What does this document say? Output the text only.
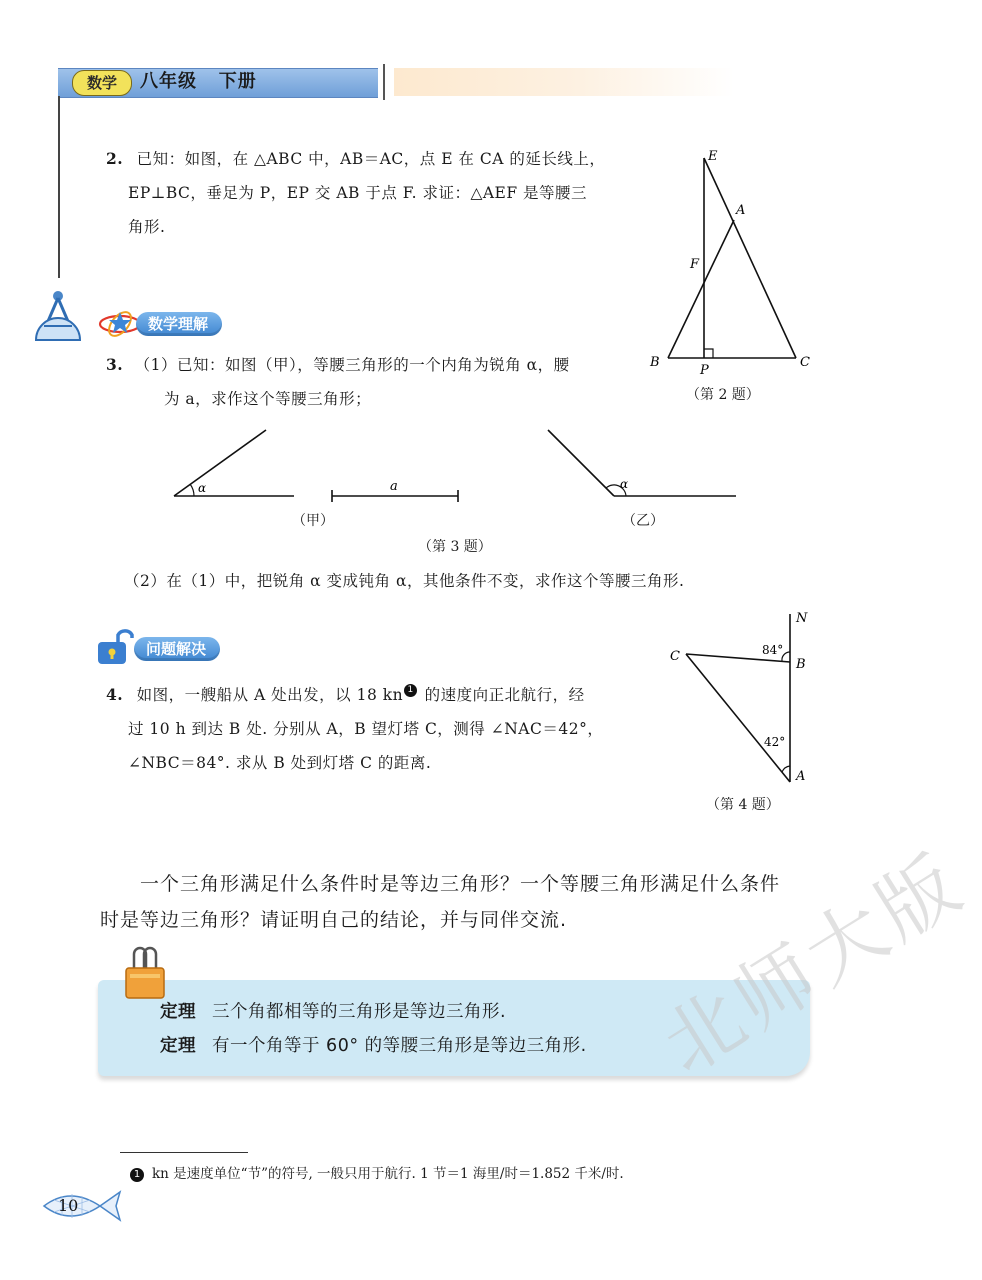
数学	八年级   下册
2. 已知：如图，在 △ABC 中，AB＝AC，点 E 在 CA 的延长线上，
EP⊥BC，垂足为 P，EP 交 AB 于点 F. 求证：△AEF 是等腰三
角形.
E
A
F
B
P
C
（第 2 题）
数学理解
3. （1）已知：如图（甲），等腰三角形的一个内角为锐角 α，腰
为 a，求作这个等腰三角形；
α	a	α
（甲）	（乙）
（第 3 题）
（2）在（1）中，把锐角 α 变成钝角 α，其他条件不变，求作这个等腰三角形.
问题解决
4. 如图，一艘船从 A 处出发，以 18 kn 1 的速度向正北航行，经
过 10 h 到达 B 处. 分别从 A，B 望灯塔 C，测得 ∠NAC＝42°，
∠NBC＝84°. 求从 B 处到灯塔 C 的距离.
N
C
B
A
84°
42°
（第 4 题）
一个三角形满足什么条件时是等边三角形？一个等腰三角形满足什么条件
时是等边三角形？请证明自己的结论，并与同伴交流.
定理 三个角都相等的三角形是等边三角形.
定理 有一个角等于 60° 的等腰三角形是等边三角形.
1 kn 是速度单位“节”的符号, 一般只用于航行. 1 节＝1 海里/时＝1.852 千米/时.
10
北师大版
